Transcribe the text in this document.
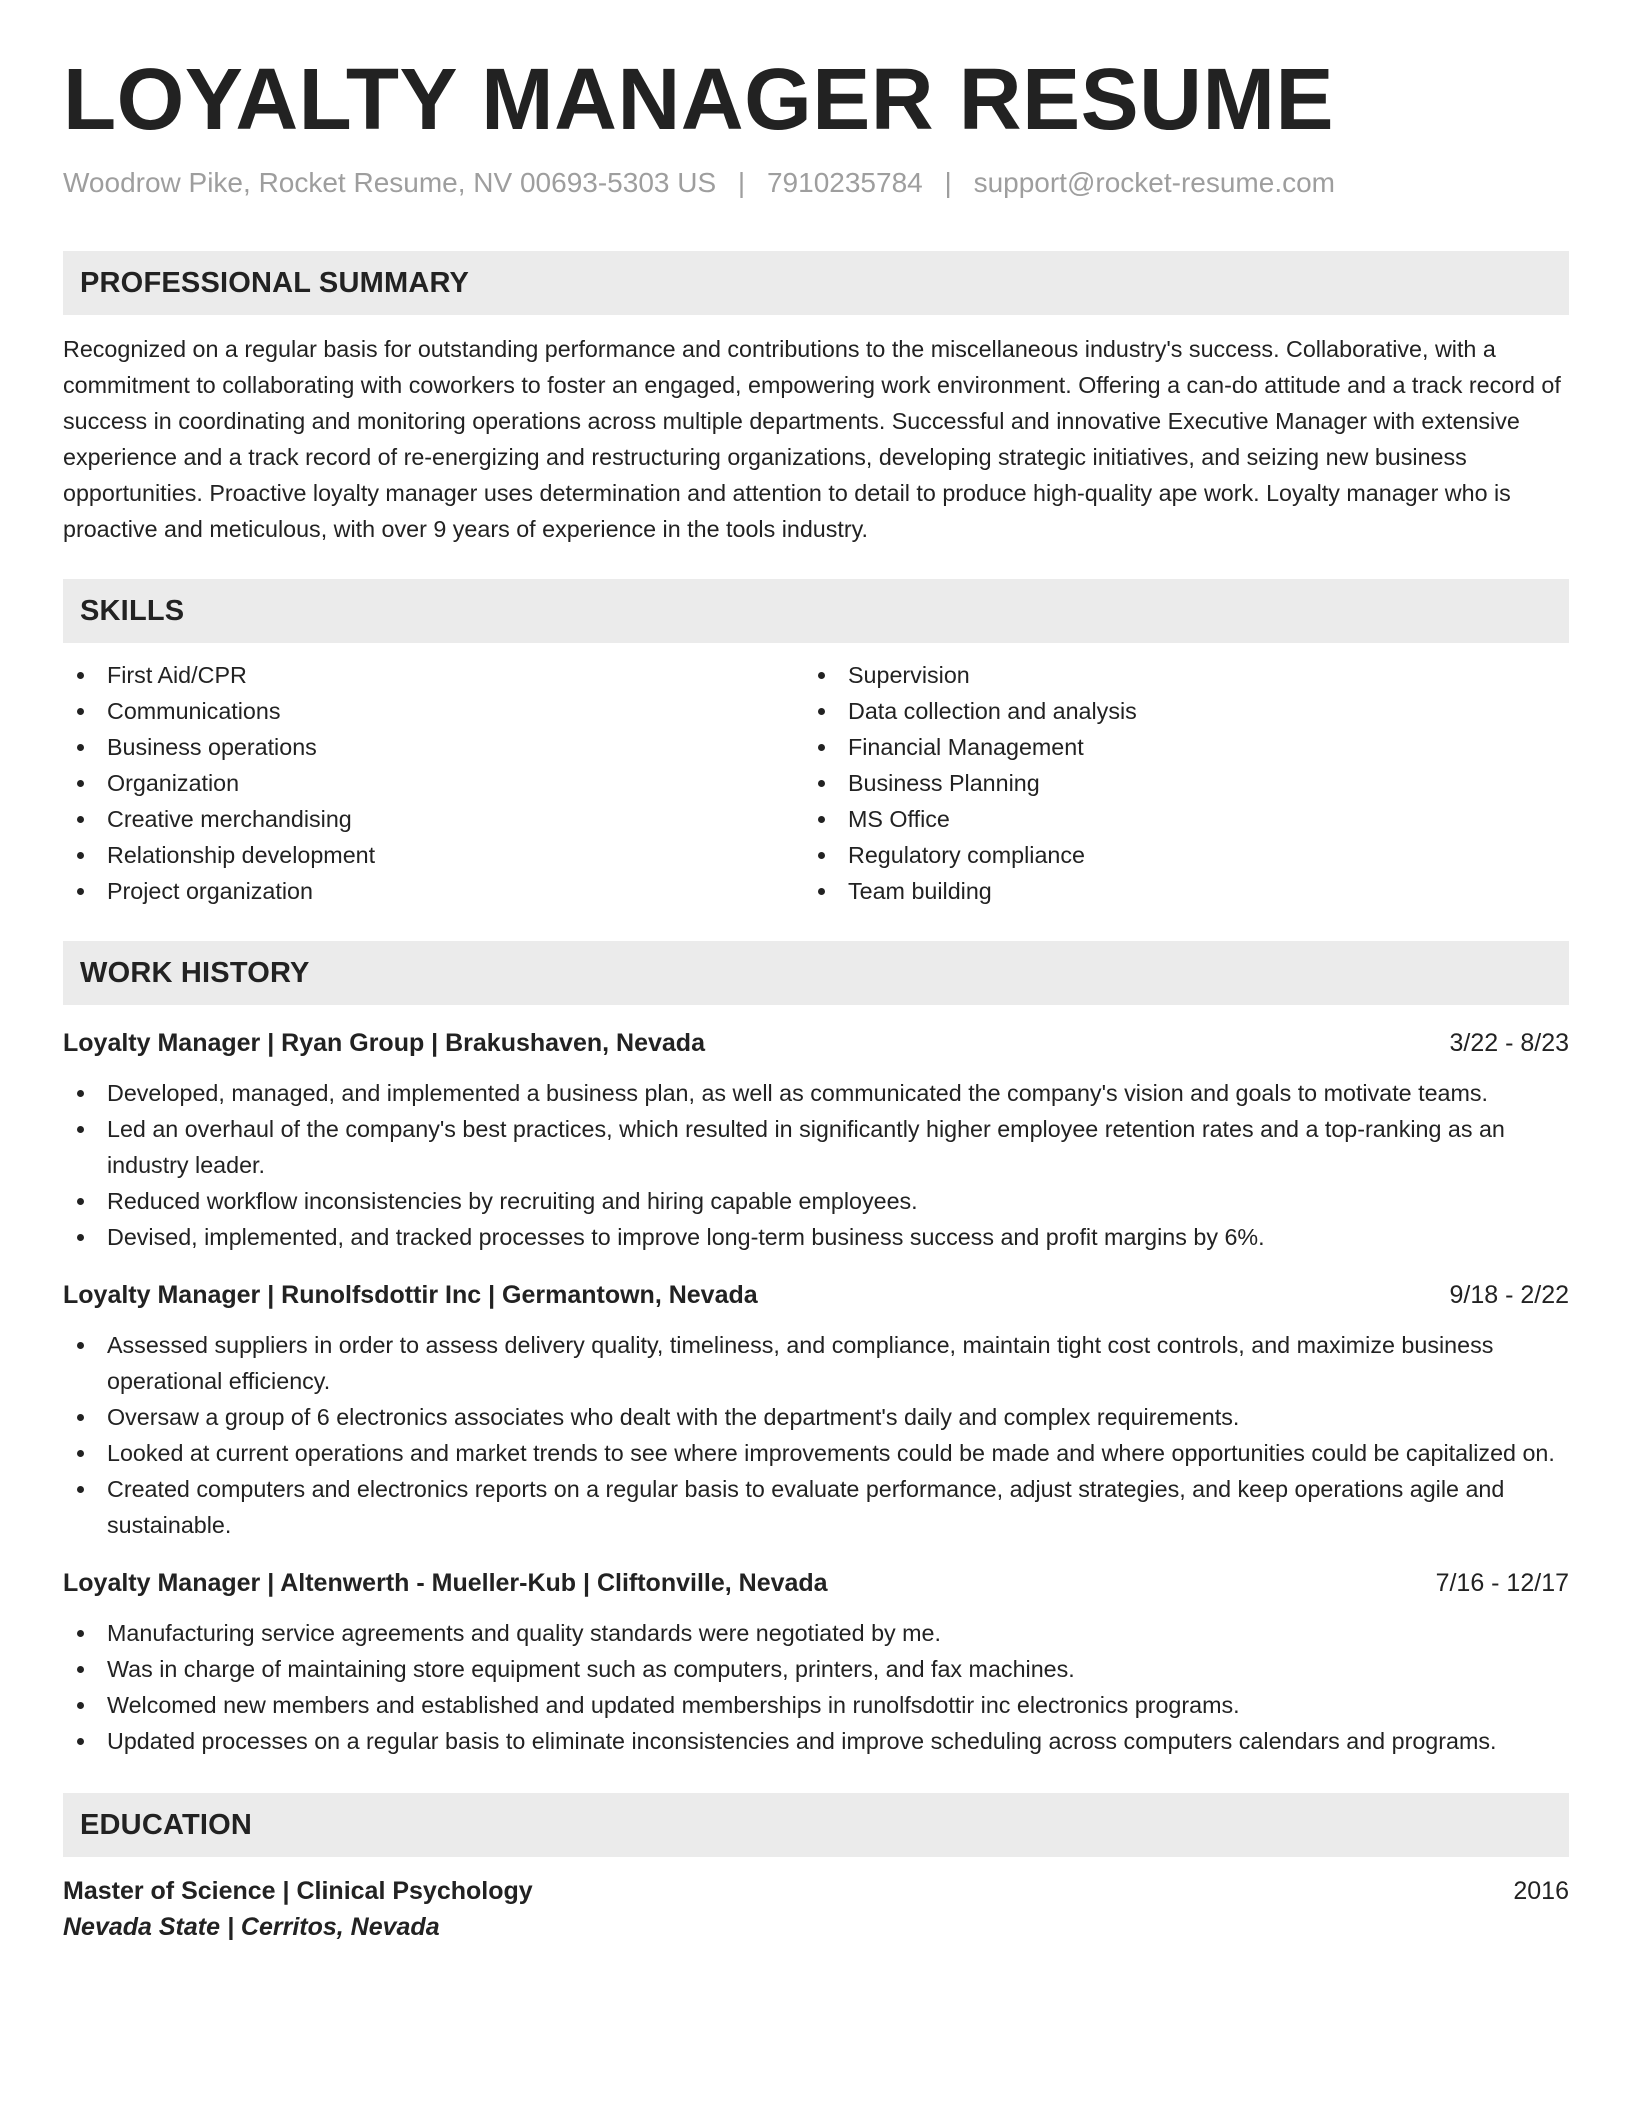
LOYALTY MANAGER RESUME
Woodrow Pike, Rocket Resume, NV 00693-5303 US | 7910235784 | support@rocket-resume.com
PROFESSIONAL SUMMARY

Recognized on a regular basis for outstanding performance and contributions to the miscellaneous industry's success. Collaborative, with a commitment to collaborating with coworkers to foster an engaged, empowering work environment. Offering a can-do attitude and a track record of success in coordinating and monitoring operations across multiple departments. Successful and innovative Executive Manager with extensive experience and a track record of re-energizing and restructuring organizations, developing strategic initiatives, and seizing new business opportunities. Proactive loyalty manager uses determination and attention to detail to produce high-quality ape work. Loyalty manager who is proactive and meticulous, with over 9 years of experience in the tools industry.

SKILLS
First Aid/CPR
Communications
Business operations
Organization
Creative merchandising
Relationship development
Project organization
Supervision
Data collection and analysis
Financial Management
Business Planning
MS Office
Regulatory compliance
Team building
WORK HISTORY
Loyalty Manager | Ryan Group | Brakushaven, Nevada	3/22 - 8/23
Developed, managed, and implemented a business plan, as well as communicated the company's vision and goals to motivate teams.
Led an overhaul of the company's best practices, which resulted in significantly higher employee retention rates and a top-ranking as an industry leader.
Reduced workflow inconsistencies by recruiting and hiring capable employees.
Devised, implemented, and tracked processes to improve long-term business success and profit margins by 6%.
Loyalty Manager | Runolfsdottir Inc | Germantown, Nevada	9/18 - 2/22
Assessed suppliers in order to assess delivery quality, timeliness, and compliance, maintain tight cost controls, and maximize business operational efficiency.
Oversaw a group of 6 electronics associates who dealt with the department's daily and complex requirements.
Looked at current operations and market trends to see where improvements could be made and where opportunities could be capitalized on.
Created computers and electronics reports on a regular basis to evaluate performance, adjust strategies, and keep operations agile and sustainable.
Loyalty Manager | Altenwerth - Mueller-Kub | Cliftonville, Nevada	7/16 - 12/17
Manufacturing service agreements and quality standards were negotiated by me.
Was in charge of maintaining store equipment such as computers, printers, and fax machines.
Welcomed new members and established and updated memberships in runolfsdottir inc electronics programs.
Updated processes on a regular basis to eliminate inconsistencies and improve scheduling across computers calendars and programs.
EDUCATION
Master of Science | Clinical Psychology	2016
Nevada State | Cerritos, Nevada
